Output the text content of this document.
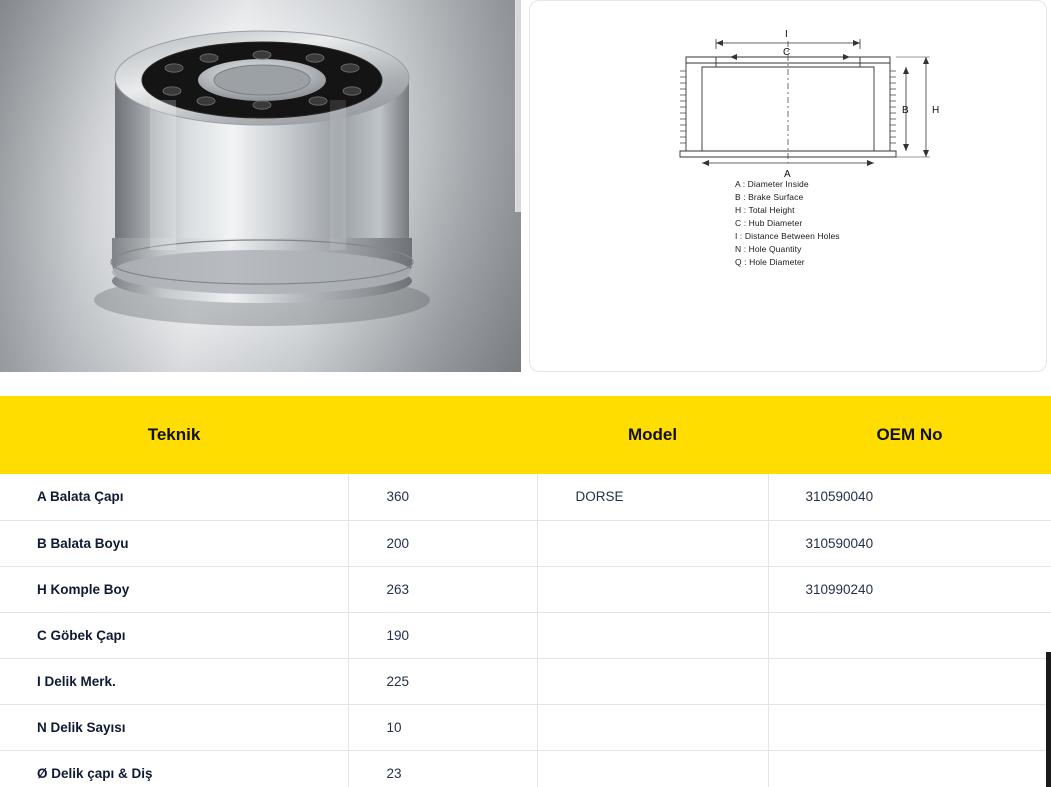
I
C
A
B H
A : Diameter Inside
B : Brake Surface
H : Total Height
C : Hub Diameter
I : Distance Between Holes
N : Hole Quantity
Q : Hole Diameter
Teknik		Model	OEM No
A Balata Çapı	360	DORSE	310590040
B Balata Boyu	200		310590040
H Komple Boy	263		310990240
C Göbek Çapı	190		
I Delik Merk.	225		
N Delik Sayısı	10		
Ø Delik çapı & Diş	23		
